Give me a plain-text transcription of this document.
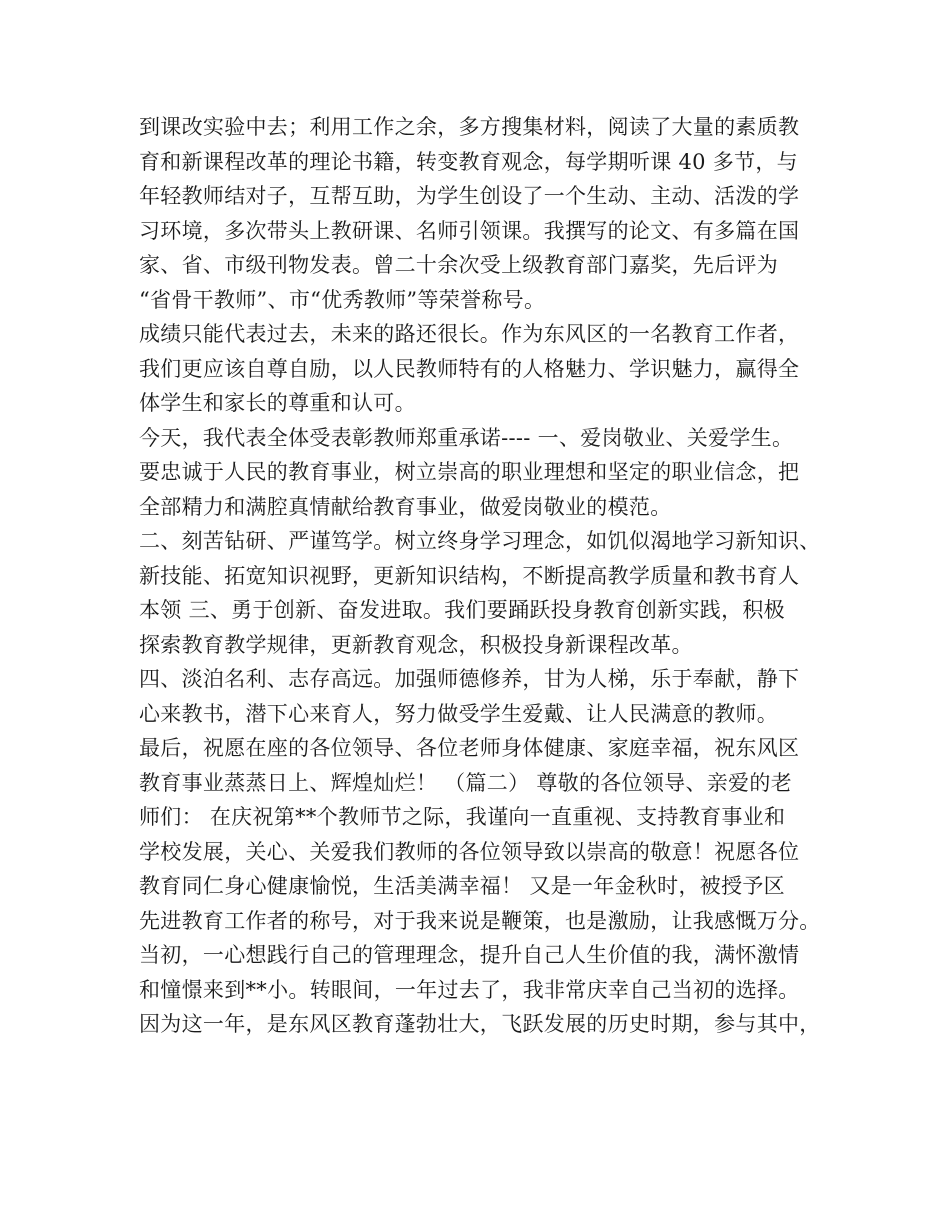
到课改实验中去；利用工作之余，多方搜集材料，阅读了大量的素质教
育和新课程改革的理论书籍，转变教育观念，每学期听课 40 多节，与
年轻教师结对子，互帮互助，为学生创设了一个生动、主动、活泼的学
习环境，多次带头上教研课、名师引领课。我撰写的论文、有多篇在国
家、省、市级刊物发表。曾二十余次受上级教育部门嘉奖，先后评为
“省骨干教师”、市“优秀教师”等荣誉称号。
成绩只能代表过去，未来的路还很长。作为东风区的一名教育工作者，
我们更应该自尊自励，以人民教师特有的人格魅力、学识魅力，赢得全
体学生和家长的尊重和认可。
今天，我代表全体受表彰教师郑重承诺---- 一、爱岗敬业、关爱学生。
要忠诚于人民的教育事业，树立崇高的职业理想和坚定的职业信念，把
全部精力和满腔真情献给教育事业，做爱岗敬业的模范。
二、刻苦钻研、严谨笃学。树立终身学习理念，如饥似渴地学习新知识、
新技能、拓宽知识视野，更新知识结构，不断提高教学质量和教书育人
本领 三、勇于创新、奋发进取。我们要踊跃投身教育创新实践，积极
探索教育教学规律，更新教育观念，积极投身新课程改革。
四、淡泊名利、志存高远。加强师德修养，甘为人梯，乐于奉献，静下
心来教书，潜下心来育人，努力做受学生爱戴、让人民满意的教师。
最后，祝愿在座的各位领导、各位老师身体健康、家庭幸福，祝东风区
教育事业蒸蒸日上、辉煌灿烂！ （篇二） 尊敬的各位领导、亲爱的老
师们： 在庆祝第**个教师节之际，我谨向一直重视、支持教育事业和
学校发展，关心、关爱我们教师的各位领导致以崇高的敬意！祝愿各位
教育同仁身心健康愉悦，生活美满幸福！ 又是一年金秋时，被授予区
先进教育工作者的称号，对于我来说是鞭策，也是激励，让我感慨万分。
当初，一心想践行自己的管理理念，提升自己人生价值的我，满怀激情
和憧憬来到**小。转眼间，一年过去了，我非常庆幸自己当初的选择。
因为这一年，是东风区教育蓬勃壮大，飞跃发展的历史时期，参与其中，
